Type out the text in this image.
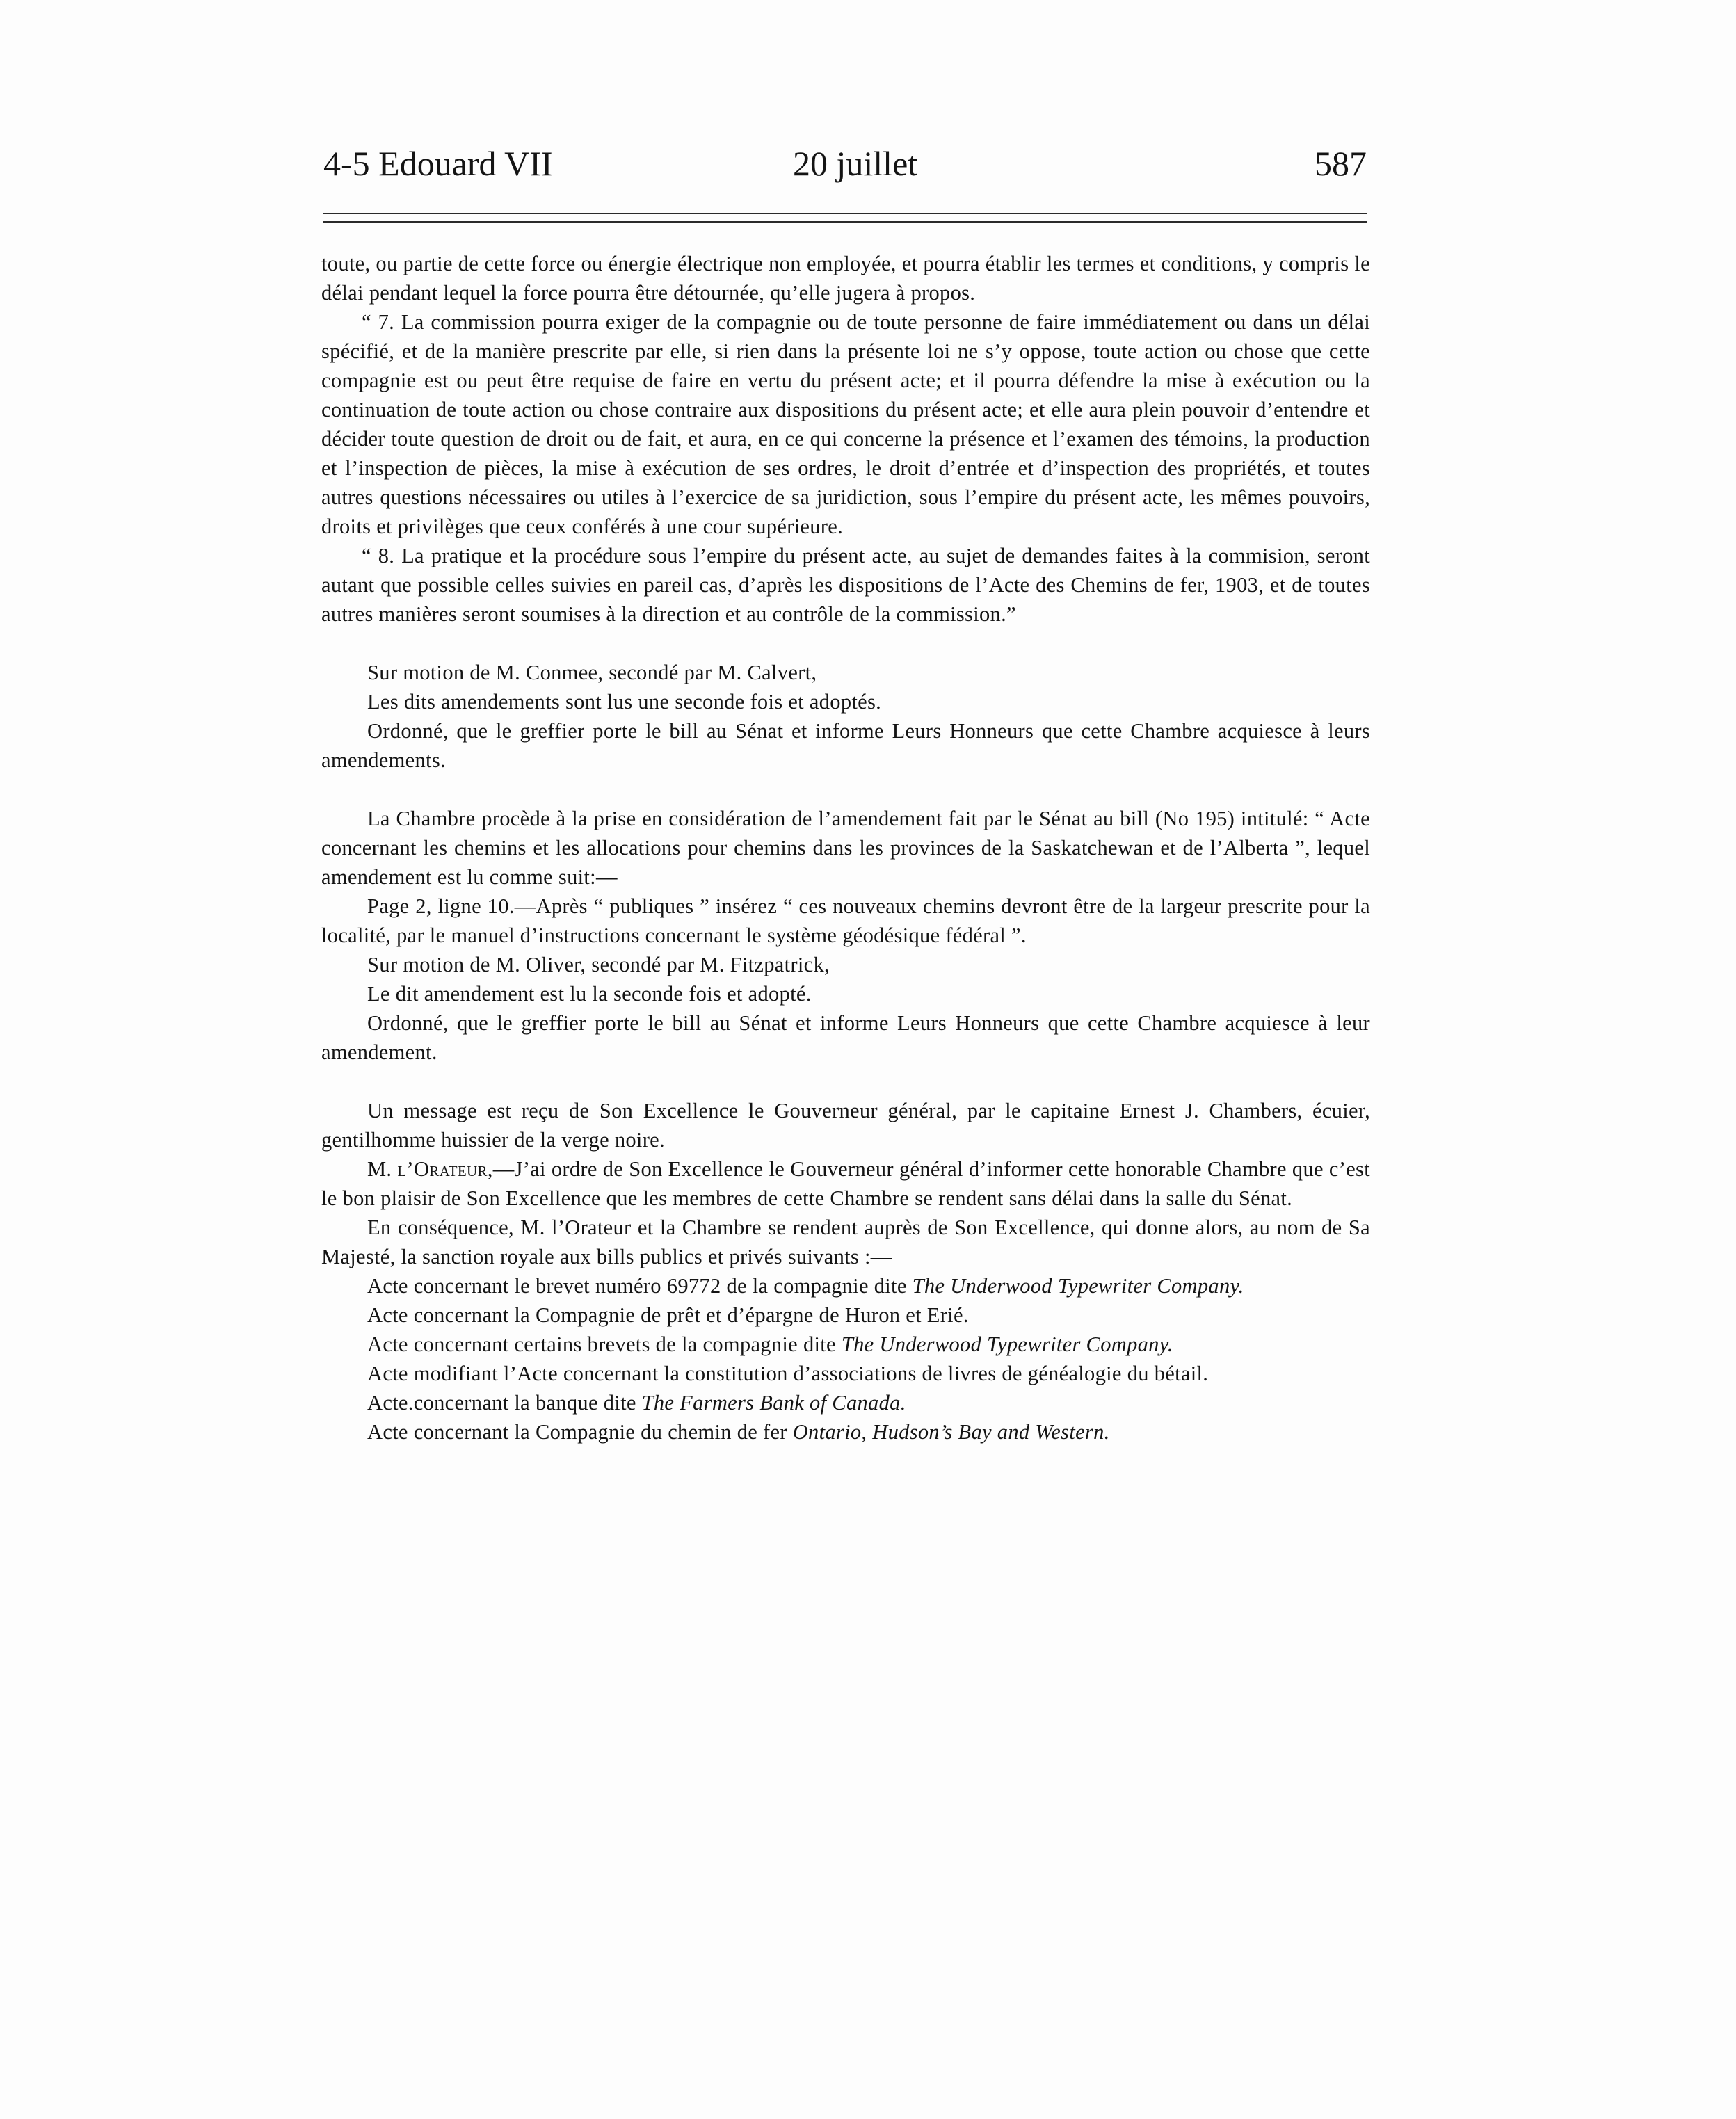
4-5 Edouard VII	20 juillet	587

toute, ou partie de cette force ou énergie électrique non employée, et pourra établir les termes et conditions, y compris le délai pendant lequel la force pourra être détournée, qu’elle jugera à propos.

“ 7. La commission pourra exiger de la compagnie ou de toute personne de faire immédiatement ou dans un délai spécifié, et de la manière prescrite par elle, si rien dans la présente loi ne s’y oppose, toute action ou chose que cette compagnie est ou peut être requise de faire en vertu du présent acte; et il pourra défendre la mise à exécution ou la continuation de toute action ou chose contraire aux dispositions du présent acte; et elle aura plein pouvoir d’entendre et décider toute question de droit ou de fait, et aura, en ce qui concerne la présence et l’examen des témoins, la production et l’inspection de pièces, la mise à exécution de ses ordres, le droit d’entrée et d’inspection des propriétés, et toutes autres questions nécessaires ou utiles à l’exercice de sa juridiction, sous l’empire du présent acte, les mêmes pouvoirs, droits et privilèges que ceux conférés à une cour supérieure.

“ 8. La pratique et la procédure sous l’empire du présent acte, au sujet de demandes faites à la commision, seront autant que possible celles suivies en pareil cas, d’après les dispositions de l’Acte des Chemins de fer, 1903, et de toutes autres manières seront soumises à la direction et au contrôle de la commission.”

Sur motion de M. Conmee, secondé par M. Calvert,

Les dits amendements sont lus une seconde fois et adoptés.

Ordonné, que le greffier porte le bill au Sénat et informe Leurs Honneurs que cette Chambre acquiesce à leurs amendements.

La Chambre procède à la prise en considération de l’amendement fait par le Sénat au bill (No 195) intitulé: “ Acte concernant les chemins et les allocations pour chemins dans les provinces de la Saskatchewan et de l’Alberta ”, lequel amendement est lu comme suit:—

Page 2, ligne 10.—Après “ publiques ” insérez “ ces nouveaux chemins devront être de la largeur prescrite pour la localité, par le manuel d’instructions concernant le système géodésique fédéral ”.

Sur motion de M. Oliver, secondé par M. Fitzpatrick,

Le dit amendement est lu la seconde fois et adopté.

Ordonné, que le greffier porte le bill au Sénat et informe Leurs Honneurs que cette Chambre acquiesce à leur amendement.

Un message est reçu de Son Excellence le Gouverneur général, par le capitaine Ernest J. Chambers, écuier, gentilhomme huissier de la verge noire.

M. l’Orateur,—J’ai ordre de Son Excellence le Gouverneur général d’informer cette honorable Chambre que c’est le bon plaisir de Son Excellence que les membres de cette Chambre se rendent sans délai dans la salle du Sénat.

En conséquence, M. l’Orateur et la Chambre se rendent auprès de Son Excellence, qui donne alors, au nom de Sa Majesté, la sanction royale aux bills publics et privés suivants :—

Acte concernant le brevet numéro 69772 de la compagnie dite The Underwood Typewriter Company.

Acte concernant la Compagnie de prêt et d’épargne de Huron et Erié.

Acte concernant certains brevets de la compagnie dite The Underwood Typewriter Company.

Acte modifiant l’Acte concernant la constitution d’associations de livres de généalogie du bétail.

Acte.concernant la banque dite The Farmers Bank of Canada.

Acte concernant la Compagnie du chemin de fer Ontario, Hudson’s Bay and Western.
